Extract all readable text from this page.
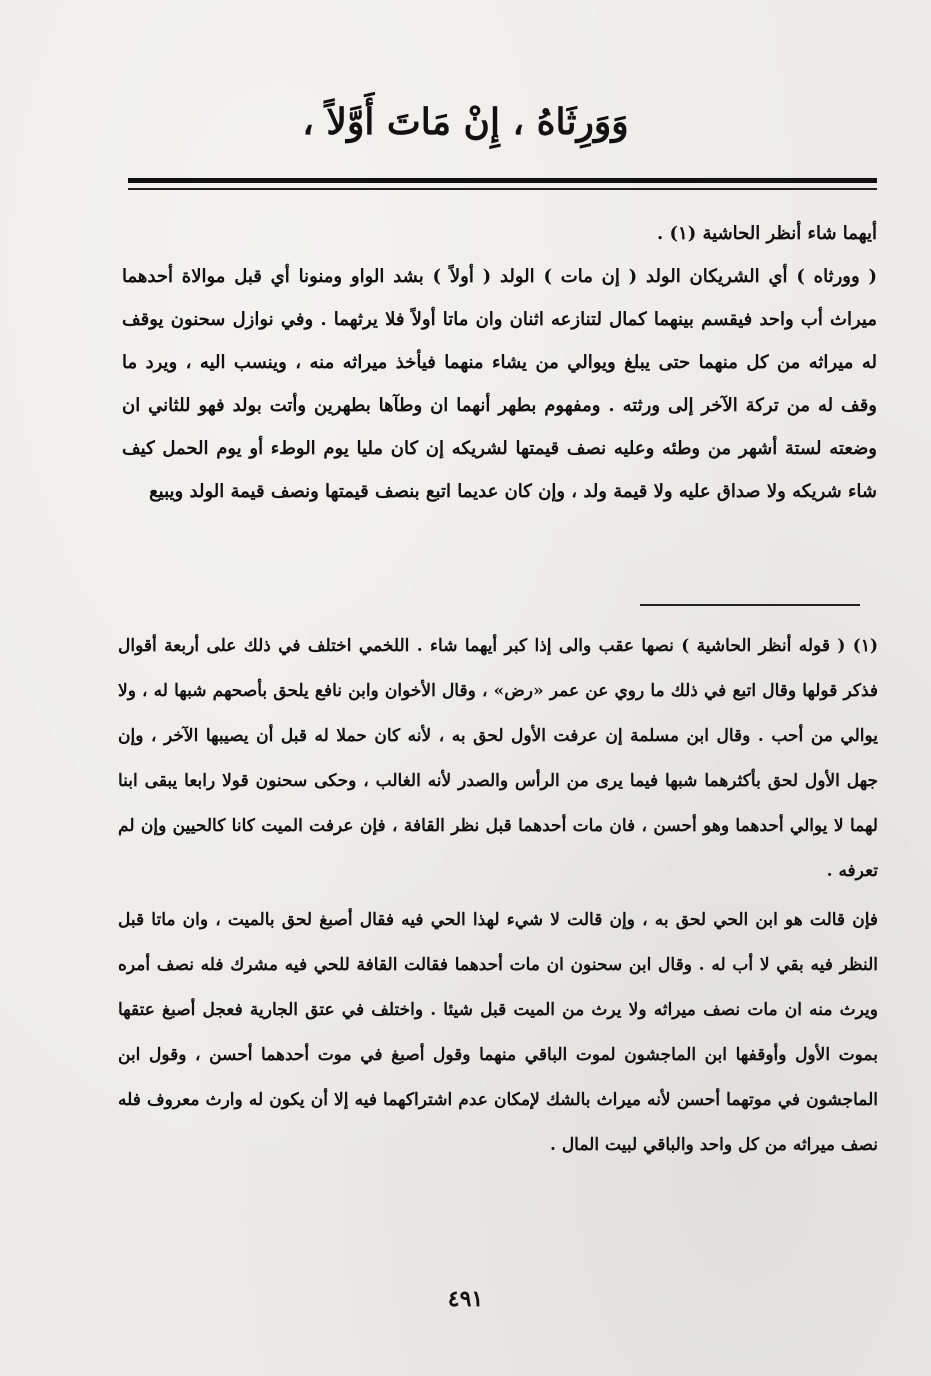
وَوَرِثَاهُ ، إِنْ مَاتَ أَوَّلاً ،

أيهما شاء أنظر الحاشية (١) .

( وورثاه ) أي الشريكان الولد ( إن مات ) الولد ( أولاً ) بشد الواو ومنونا أي قبل موالاة أحدهما ميراث أب واحد فيقسم بينهما كمال لتنازعه اثنان وان ماتا أولاً فلا يرثهما . وفي نوازل سحنون يوقف له ميراثه من كل منهما حتى يبلغ ويوالي من يشاء منهما فيأخذ ميراثه منه ، وينسب اليه ، ويرد ما وقف له من تركة الآخر إلى ورثته . ومفهوم بطهر أنهما ان وطآها بطهرين وأتت بولد فهو للثاني ان وضعته لستة أشهر من وطئه وعليه نصف قيمتها لشريكه إن كان مليا يوم الوطء أو يوم الحمل كيف شاء شريكه ولا صداق عليه ولا قيمة ولد ، وإن كان عديما اتبع بنصف قيمتها ونصف قيمة الولد ويبيع

(١) ( قوله أنظر الحاشية ) نصها عقب والى إذا كبر أيهما شاء . اللخمي اختلف في ذلك على أربعة أقوال فذكر قولها وقال اتبع في ذلك ما روي عن عمر «رض» ، وقال الأخوان وابن نافع يلحق بأصحهم شبها له ، ولا يوالي من أحب . وقال ابن مسلمة إن عرفت الأول لحق به ، لأنه كان حملا له قبل أن يصيبها الآخر ، وإن جهل الأول لحق بأكثرهما شبها فيما يرى من الرأس والصدر لأنه الغالب ، وحكى سحنون قولا رابعا يبقى ابنا لهما لا يوالي أحدهما وهو أحسن ، فان مات أحدهما قبل نظر القافة ، فإن عرفت الميت كانا كالحيين وإن لم تعرفه .

فإن قالت هو ابن الحي لحق به ، وإن قالت لا شيء لهذا الحي فيه فقال أصبغ لحق بالميت ، وان ماتا قبل النظر فيه بقي لا أب له . وقال ابن سحنون ان مات أحدهما فقالت القافة للحي فيه مشرك فله نصف أمره ويرث منه ان مات نصف ميراثه ولا يرث من الميت قبل شيئا . واختلف في عتق الجارية فعجل أصبغ عتقها بموت الأول وأوقفها ابن الماجشون لموت الباقي منهما وقول أصبغ في موت أحدهما أحسن ، وقول ابن الماجشون في موتهما أحسن لأنه ميراث بالشك لإمكان عدم اشتراكهما فيه إلا أن يكون له وارث معروف فله نصف ميراثه من كل واحد والباقي لبيت المال .

٤٩١
